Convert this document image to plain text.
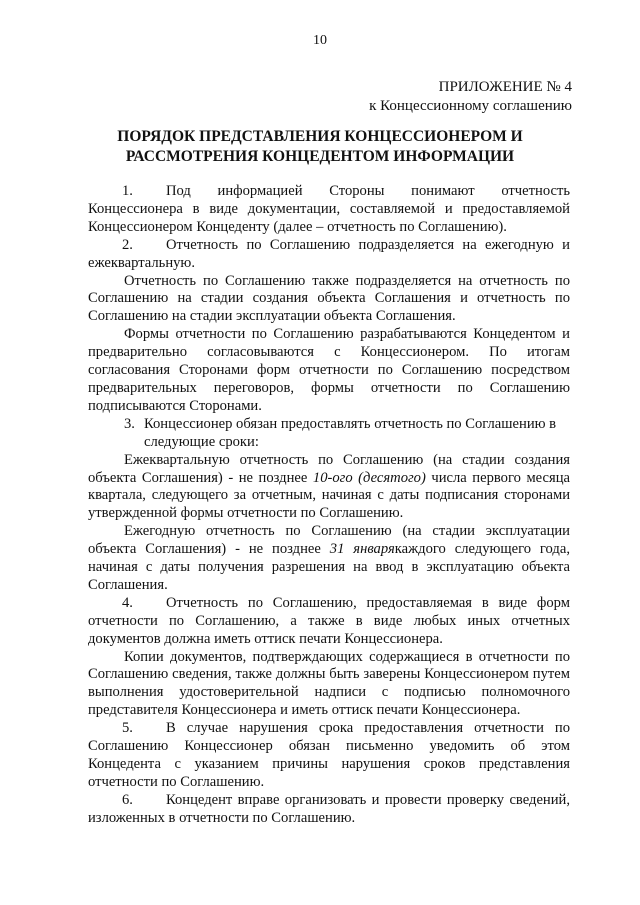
10
ПРИЛОЖЕНИЕ № 4
к Концессионному соглашению
ПОРЯДОК ПРЕДСТАВЛЕНИЯ КОНЦЕССИОНЕРОМ И
РАССМОТРЕНИЯ КОНЦЕДЕНТОМ ИНФОРМАЦИИ

1. Под информацией Стороны понимают отчетность Концессионера в виде документации, составляемой и предоставляемой Концессионером Концеденту (далее – отчетность по Соглашению).

2. Отчетность по Соглашению подразделяется на ежегодную и ежеквартальную.

Отчетность по Соглашению также подразделяется на отчетность по Соглашению на стадии создания объекта Соглашения и отчетность по Соглашению на стадии эксплуатации объекта Соглашения.

Формы отчетности по Соглашению разрабатываются Концедентом и предварительно согласовываются с Концессионером. По итогам согласования Сторонами форм отчетности по Соглашению посредством предварительных переговоров, формы отчетности по Соглашению подписываются Сторонами.

3. Концессионер обязан предоставлять отчетность по Соглашению в следующие сроки:

Ежеквартальную отчетность по Соглашению (на стадии создания объекта Соглашения) - не позднее 10-ого (десятого) числа первого месяца квартала, следующего за отчетным, начиная с даты подписания сторонами утвержденной формы отчетности по Соглашению.

Ежегодную отчетность по Соглашению (на стадии эксплуатации объекта Соглашения) - не позднее 31 январякаждого следующего года, начиная с даты получения разрешения на ввод в эксплуатацию объекта Соглашения.

4. Отчетность по Соглашению, предоставляемая в виде форм отчетности по Соглашению, а также в виде любых иных отчетных документов должна иметь оттиск печати Концессионера.

Копии документов, подтверждающих содержащиеся в отчетности по Соглашению сведения, также должны быть заверены Концессионером путем выполнения удостоверительной надписи с подписью полномочного представителя Концессионера и иметь оттиск печати Концессионера.

5. В случае нарушения срока предоставления отчетности по Соглашению Концессионер обязан письменно уведомить об этом Концедента с указанием причины нарушения сроков представления отчетности по Соглашению.

6. Концедент вправе организовать и провести проверку сведений, изложенных в отчетности по Соглашению.
